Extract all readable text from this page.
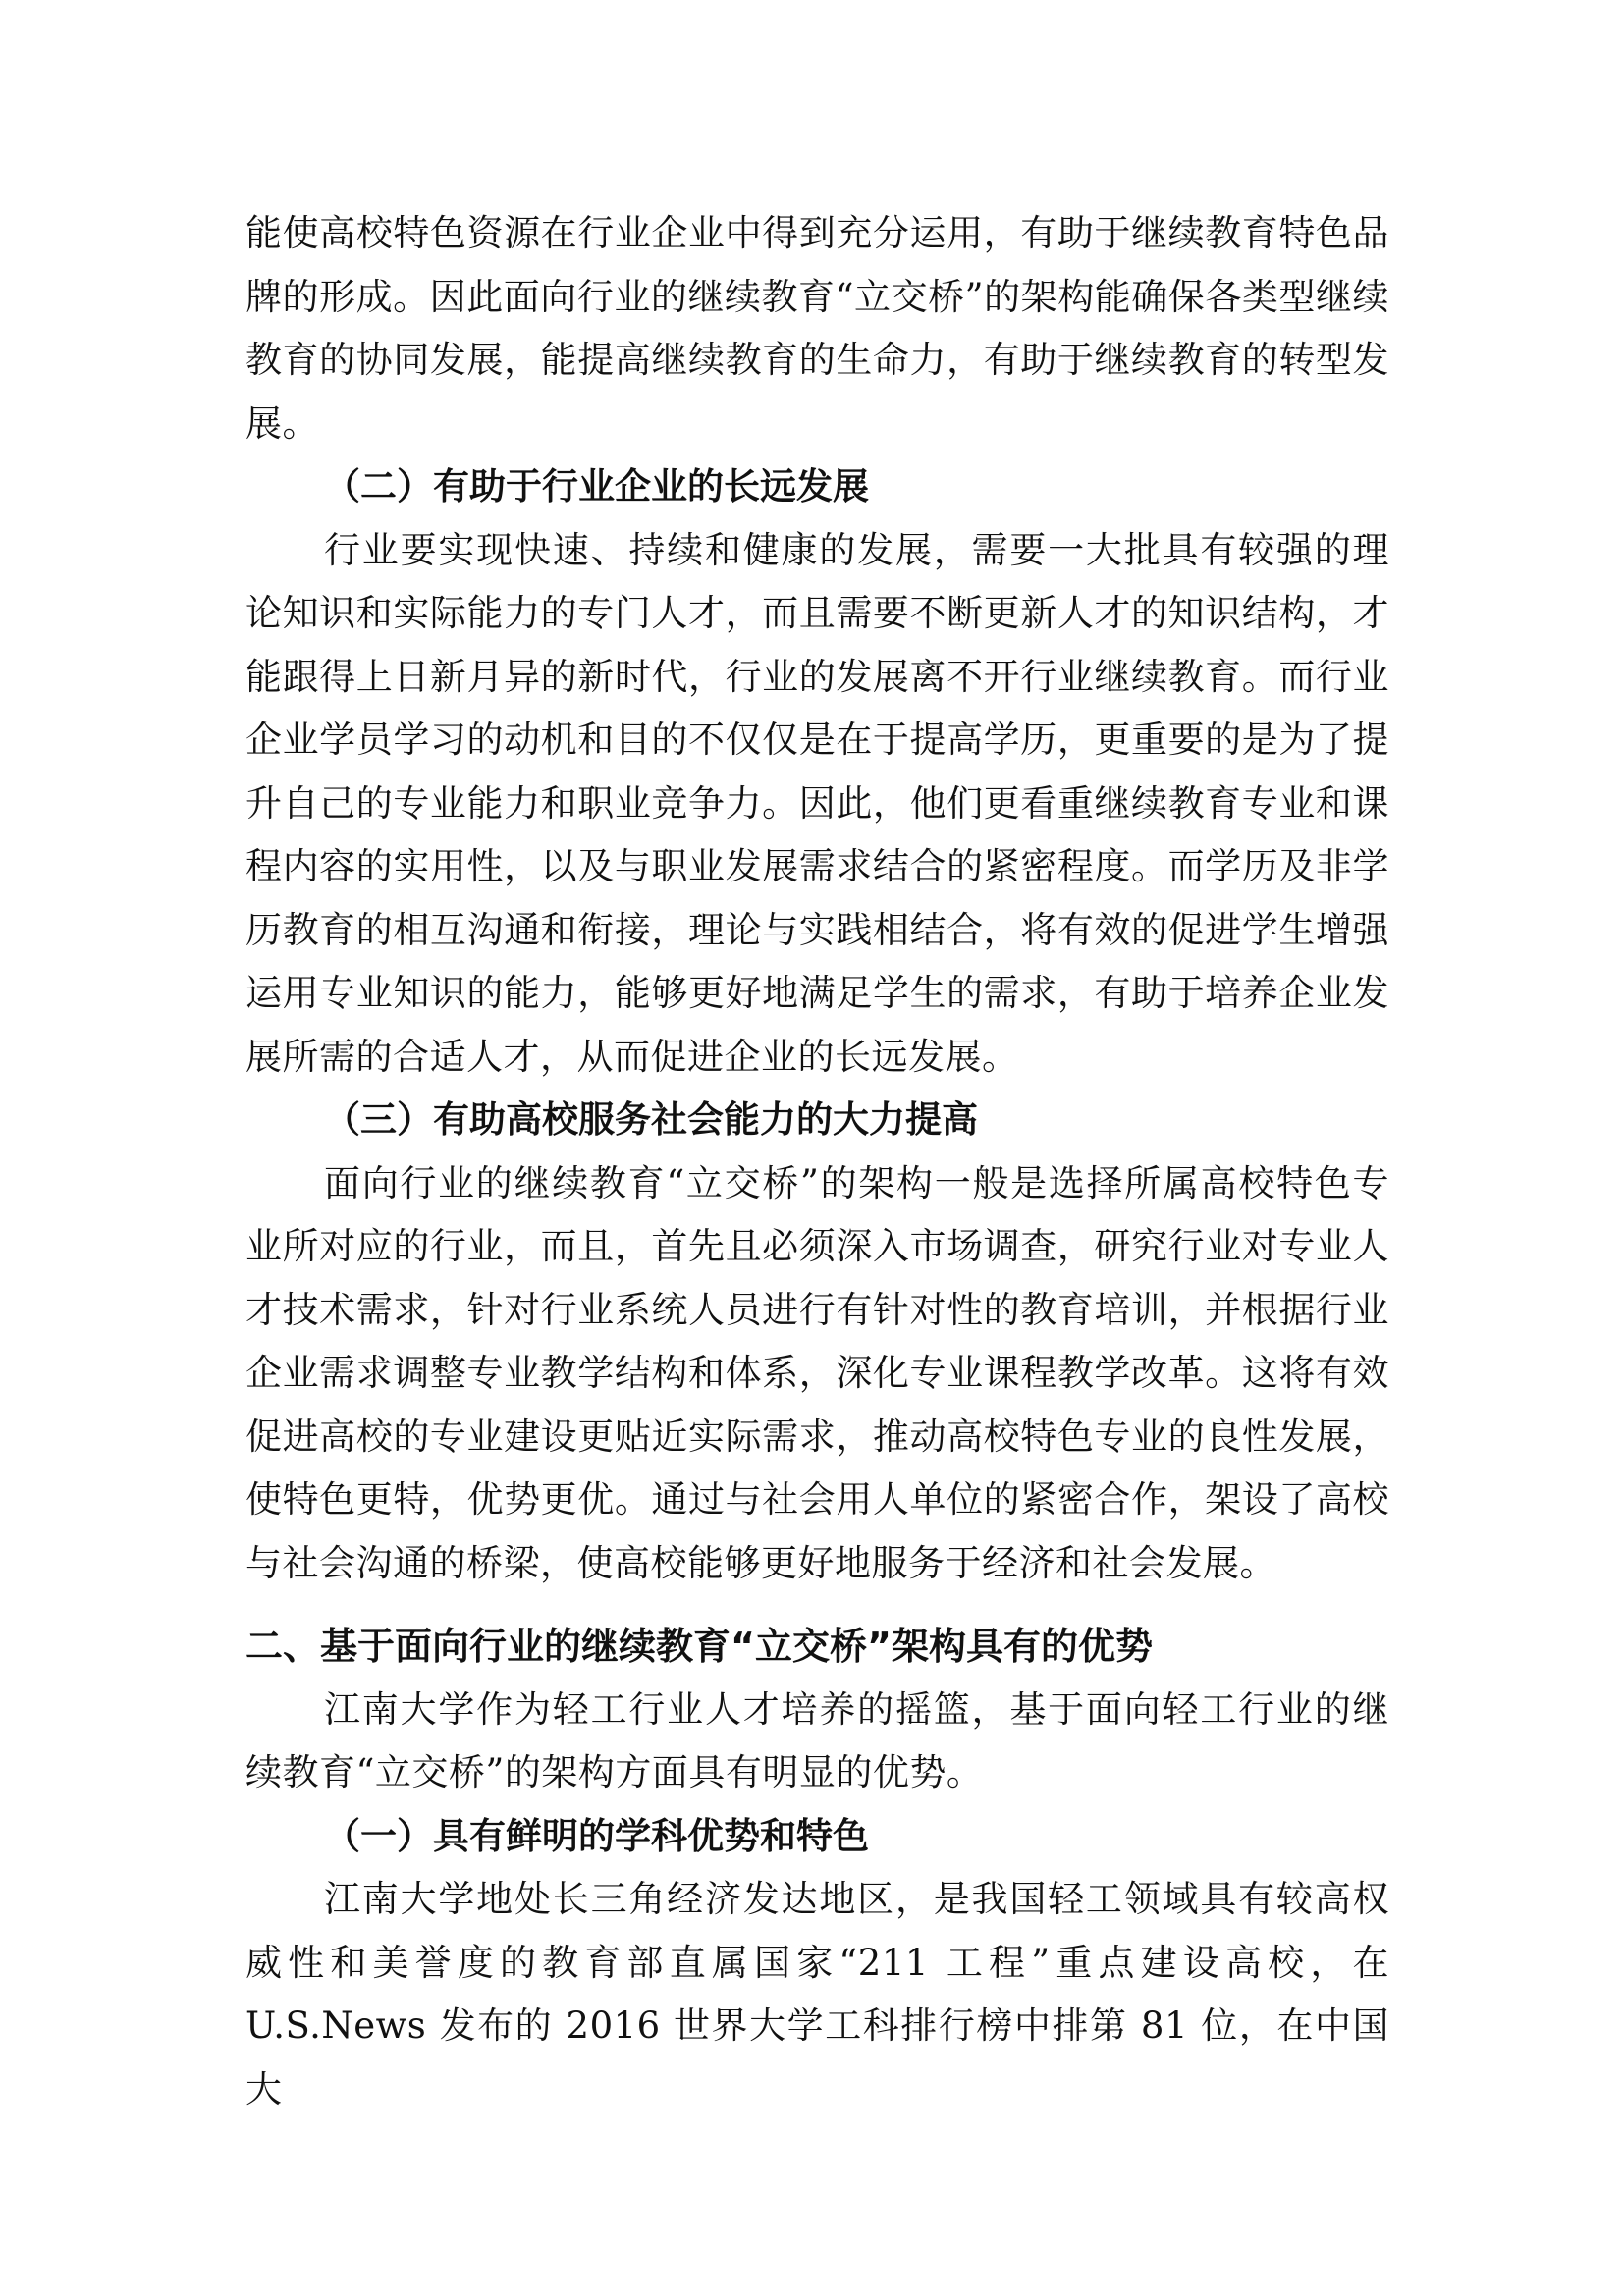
能使高校特色资源在行业企业中得到充分运用，有助于继续教育特色品牌的形成。因此面向行业的继续教育“立交桥”的架构能确保各类型继续教育的协同发展，能提高继续教育的生命力，有助于继续教育的转型发展。

（二）有助于行业企业的长远发展

行业要实现快速、持续和健康的发展，需要一大批具有较强的理论知识和实际能力的专门人才，而且需要不断更新人才的知识结构，才能跟得上日新月异的新时代，行业的发展离不开行业继续教育。而行业企业学员学习的动机和目的不仅仅是在于提高学历，更重要的是为了提升自己的专业能力和职业竞争力。因此，他们更看重继续教育专业和课程内容的实用性，以及与职业发展需求结合的紧密程度。而学历及非学历教育的相互沟通和衔接，理论与实践相结合，将有效的促进学生增强运用专业知识的能力，能够更好地满足学生的需求，有助于培养企业发展所需的合适人才，从而促进企业的长远发展。

（三）有助高校服务社会能力的大力提高

面向行业的继续教育“立交桥”的架构一般是选择所属高校特色专业所对应的行业，而且，首先且必须深入市场调查，研究行业对专业人才技术需求，针对行业系统人员进行有针对性的教育培训，并根据行业企业需求调整专业教学结构和体系，深化专业课程教学改革。这将有效促进高校的专业建设更贴近实际需求，推动高校特色专业的良性发展，使特色更特，优势更优。通过与社会用人单位的紧密合作，架设了高校与社会沟通的桥梁，使高校能够更好地服务于经济和社会发展。

二、基于面向行业的继续教育“立交桥”架构具有的优势

江南大学作为轻工行业人才培养的摇篮，基于面向轻工行业的继续教育“立交桥”的架构方面具有明显的优势。

（一）具有鲜明的学科优势和特色

江南大学地处长三角经济发达地区，是我国轻工领域具有较高权威性和美誉度的教育部直属国家“211 工程”重点建设高校，在U.S.News 发布的 2016 世界大学工科排行榜中排第 81 位，在中国大
